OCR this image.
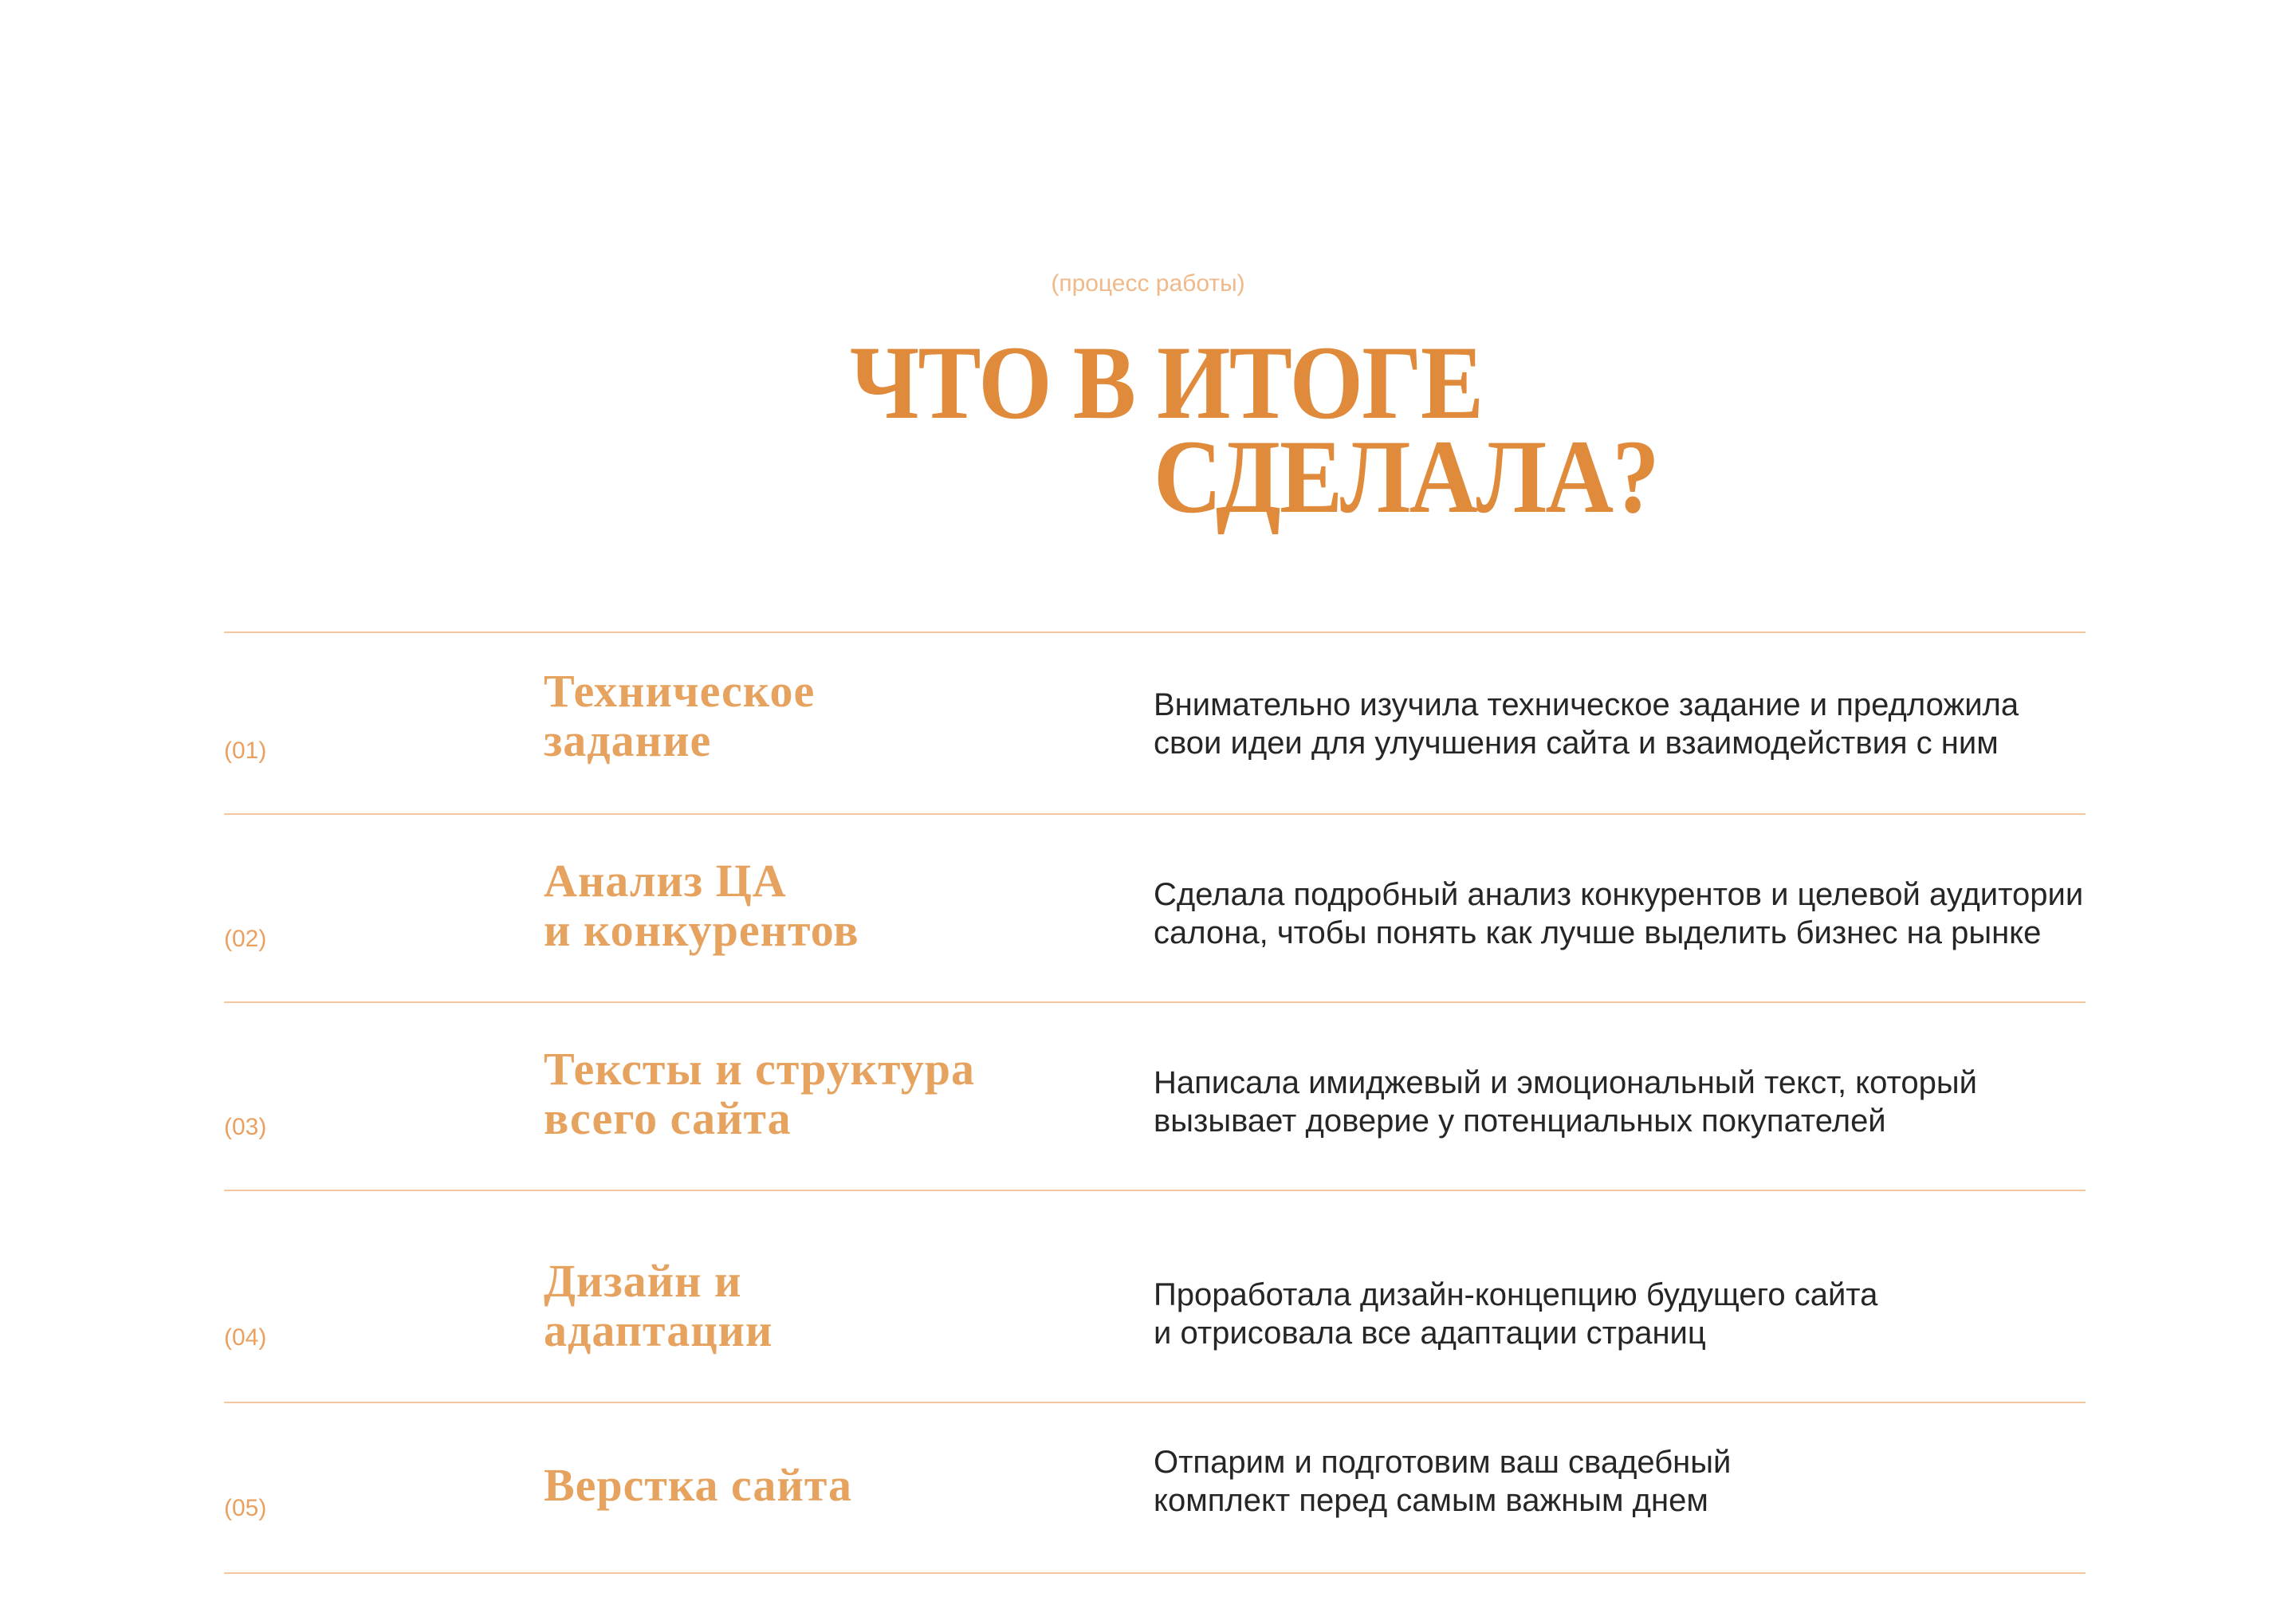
(процесс работы)
ЧТО В ИТОГЕ
СДЕЛАЛА?
(01)
Техническое
задание
Внимательно изучила техническое задание и предложила
свои идеи для улучшения сайта и взаимодействия с ним
(02)
Анализ ЦА
и конкурентов
Сделала подробный анализ конкурентов и целевой аудитории
салона, чтобы понять как лучше выделить бизнес на рынке
(03)
Тексты и структура
всего сайта
Написала имиджевый и эмоциональный текст, который
вызывает доверие у потенциальных покупателей
(04)
Дизайн и
адаптации
Проработала дизайн-концепцию будущего сайта
и отрисовала все адаптации страниц
(05)	Верстка сайта	Отпарим и подготовим ваш свадебный
комплект перед самым важным днем
